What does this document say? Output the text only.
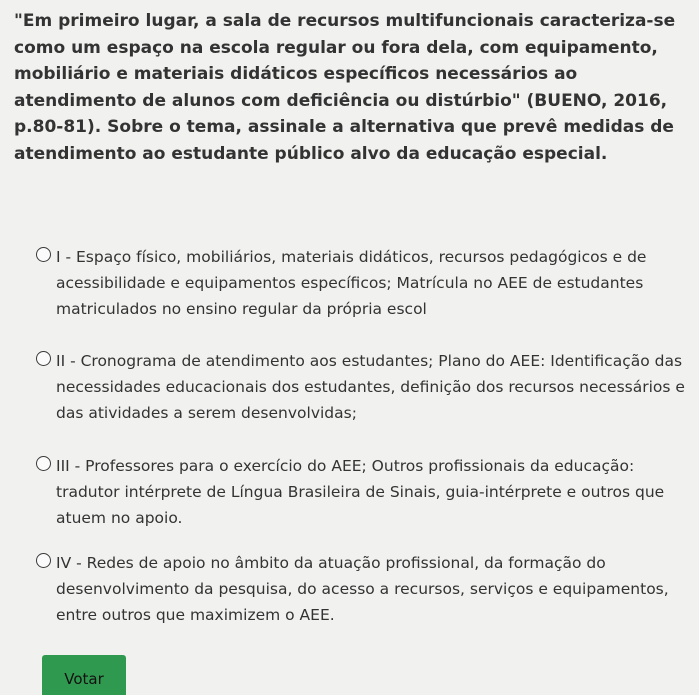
"Em primeiro lugar, a sala de recursos multifuncionais caracteriza-se como um espaço na escola regular ou fora dela, com equipamento, mobiliário e materiais didáticos específicos necessários ao atendimento de alunos com deficiência ou distúrbio" (BUENO, 2016, p.80-81). Sobre o tema, assinale a alternativa que prevê medidas de atendimento ao estudante público alvo da educação especial.
I - Espaço físico, mobiliários, materiais didáticos, recursos pedagógicos e de acessibilidade e equipamentos específicos; Matrícula no AEE de estudantes matriculados no ensino regular da própria escol
II - Cronograma de atendimento aos estudantes; Plano do AEE: Identificação das necessidades educacionais dos estudantes, definição dos recursos necessários e das atividades a serem desenvolvidas;
III - Professores para o exercício do AEE; Outros profissionais da educação: tradutor intérprete de Língua Brasileira de Sinais, guia-intérprete e outros que atuem no apoio.
IV - Redes de apoio no âmbito da atuação profissional, da formação do desenvolvimento da pesquisa, do acesso a recursos, serviços e equipamentos, entre outros que maximizem o AEE.
Votar
